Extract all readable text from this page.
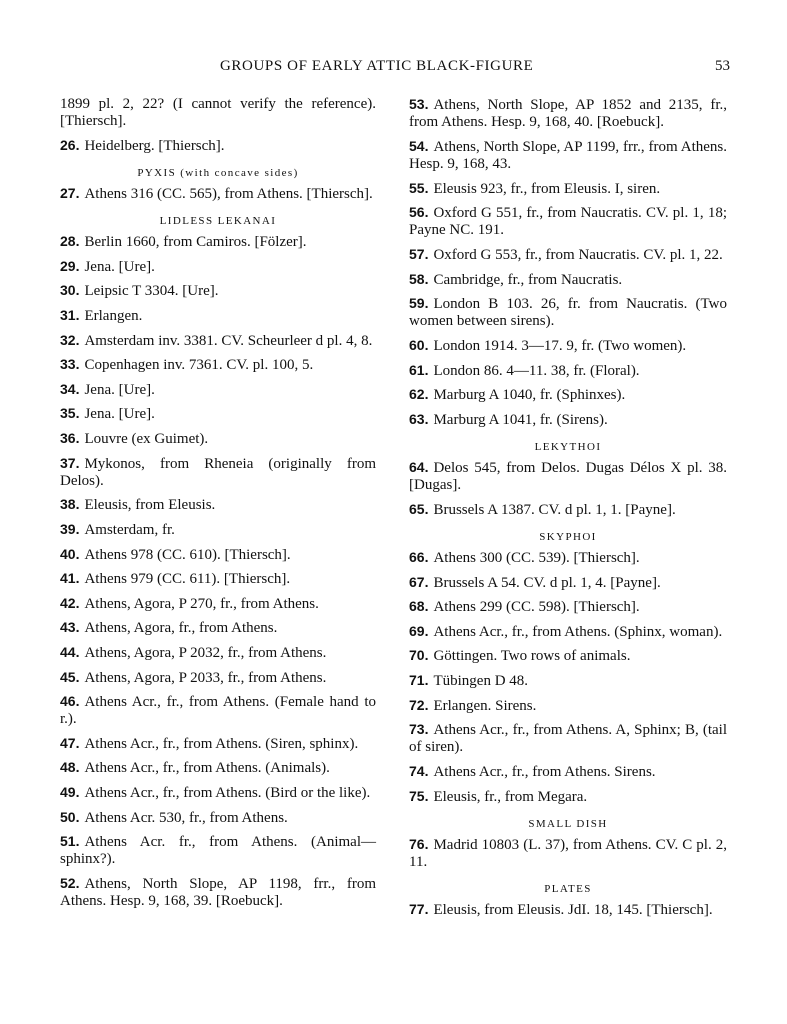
GROUPS OF EARLY ATTIC BLACK-FIGURE	53
1899 pl. 2, 22? (I cannot verify the reference). [Thiersch].
26. Heidelberg. [Thiersch].
PYXIS (with concave sides)
27. Athens 316 (CC. 565), from Athens. [Thiersch].
LIDLESS LEKANAI
28. Berlin 1660, from Camiros. [Fölzer].
29. Jena. [Ure].
30. Leipsic T 3304. [Ure].
31. Erlangen.
32. Amsterdam inv. 3381. CV. Scheurleer d pl. 4, 8.
33. Copenhagen inv. 7361. CV. pl. 100, 5.
34. Jena. [Ure].
35. Jena. [Ure].
36. Louvre (ex Guimet).
37. Mykonos, from Rheneia (originally from Delos).
38. Eleusis, from Eleusis.
39. Amsterdam, fr.
40. Athens 978 (CC. 610). [Thiersch].
41. Athens 979 (CC. 611). [Thiersch].
42. Athens, Agora, P 270, fr., from Athens.
43. Athens, Agora, fr., from Athens.
44. Athens, Agora, P 2032, fr., from Athens.
45. Athens, Agora, P 2033, fr., from Athens.
46. Athens Acr., fr., from Athens. (Female hand to r.).
47. Athens Acr., fr., from Athens. (Siren, sphinx).
48. Athens Acr., fr., from Athens. (Animals).
49. Athens Acr., fr., from Athens. (Bird or the like).
50. Athens Acr. 530, fr., from Athens.
51. Athens Acr. fr., from Athens. (Animal—sphinx?).
52. Athens, North Slope, AP 1198, frr., from Athens. Hesp. 9, 168, 39. [Roebuck].
53. Athens, North Slope, AP 1852 and 2135, fr., from Athens. Hesp. 9, 168, 40. [Roebuck].
54. Athens, North Slope, AP 1199, frr., from Athens. Hesp. 9, 168, 43.
55. Eleusis 923, fr., from Eleusis. I, siren.
56. Oxford G 551, fr., from Naucratis. CV. pl. 1, 18; Payne NC. 191.
57. Oxford G 553, fr., from Naucratis. CV. pl. 1, 22.
58. Cambridge, fr., from Naucratis.
59. London B 103. 26, fr. from Naucratis. (Two women between sirens).
60. London 1914. 3—17. 9, fr. (Two women).
61. London 86. 4—11. 38, fr. (Floral).
62. Marburg A 1040, fr. (Sphinxes).
63. Marburg A 1041, fr. (Sirens).
LEKYTHOI
64. Delos 545, from Delos. Dugas Délos X pl. 38. [Dugas].
65. Brussels A 1387. CV. d pl. 1, 1. [Payne].
SKYPHOI
66. Athens 300 (CC. 539). [Thiersch].
67. Brussels A 54. CV. d pl. 1, 4. [Payne].
68. Athens 299 (CC. 598). [Thiersch].
69. Athens Acr., fr., from Athens. (Sphinx, woman).
70. Göttingen. Two rows of animals.
71. Tübingen D 48.
72. Erlangen. Sirens.
73. Athens Acr., fr., from Athens. A, Sphinx; B, (tail of siren).
74. Athens Acr., fr., from Athens. Sirens.
75. Eleusis, fr., from Megara.
SMALL DISH
76. Madrid 10803 (L. 37), from Athens. CV. C pl. 2, 11.
PLATES
77. Eleusis, from Eleusis. JdI. 18, 145. [Thiersch].
